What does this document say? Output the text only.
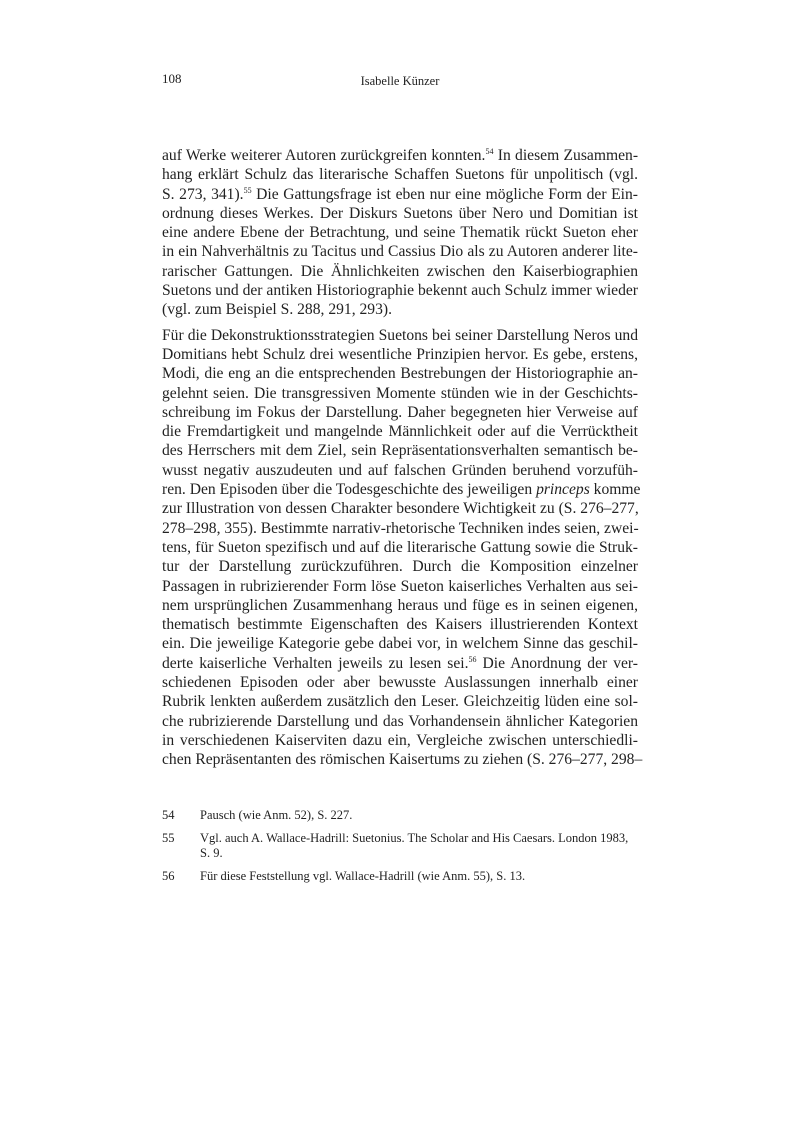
108	Isabelle Künzer

auf Werke weiterer Autoren zurückgreifen konnten.$^{54}$ In diesem Zusammen-
hang erklärt Schulz das literarische Schaffen Suetons für unpolitisch (vgl.
S. 273, 341).$^{55}$ Die Gattungsfrage ist eben nur eine mögliche Form der Ein-
ordnung dieses Werkes. Der Diskurs Suetons über Nero und Domitian ist
eine andere Ebene der Betrachtung, und seine Thematik rückt Sueton eher
in ein Nahverhältnis zu Tacitus und Cassius Dio als zu Autoren anderer lite-
rarischer Gattungen. Die Ähnlichkeiten zwischen den Kaiserbiographien
Suetons und der antiken Historiographie bekennt auch Schulz immer wieder
(vgl. zum Beispiel S. 288, 291, 293).

Für die Dekonstruktionsstrategien Suetons bei seiner Darstellung Neros und
Domitians hebt Schulz drei wesentliche Prinzipien hervor. Es gebe, erstens,
Modi, die eng an die entsprechenden Bestrebungen der Historiographie an-
gelehnt seien. Die transgressiven Momente stünden wie in der Geschichts-
schreibung im Fokus der Darstellung. Daher begegneten hier Verweise auf
die Fremdartigkeit und mangelnde Männlichkeit oder auf die Verrücktheit
des Herrschers mit dem Ziel, sein Repräsentationsverhalten semantisch be-
wusst negativ auszudeuten und auf falschen Gründen beruhend vorzufüh-
ren. Den Episoden über die Todesgeschichte des jeweiligen princeps komme
zur Illustration von dessen Charakter besondere Wichtigkeit zu (S. 276–277,
278–298, 355). Bestimmte narrativ-rhetorische Techniken indes seien, zwei-
tens, für Sueton spezifisch und auf die literarische Gattung sowie die Struk-
tur der Darstellung zurückzuführen. Durch die Komposition einzelner
Passagen in rubrizierender Form löse Sueton kaiserliches Verhalten aus sei-
nem ursprünglichen Zusammenhang heraus und füge es in seinen eigenen,
thematisch bestimmte Eigenschaften des Kaisers illustrierenden Kontext
ein. Die jeweilige Kategorie gebe dabei vor, in welchem Sinne das geschil-
derte kaiserliche Verhalten jeweils zu lesen sei.$^{56}$ Die Anordnung der ver-
schiedenen Episoden oder aber bewusste Auslassungen innerhalb einer
Rubrik lenkten außerdem zusätzlich den Leser. Gleichzeitig lüden eine sol-
che rubrizierende Darstellung und das Vorhandensein ähnlicher Kategorien
in verschiedenen Kaiserviten dazu ein, Vergleiche zwischen unterschiedli-
chen Repräsentanten des römischen Kaisertums zu ziehen (S. 276–277, 298–

54	Pausch (wie Anm. 52), S. 227.
55	Vgl. auch A. Wallace-Hadrill: Suetonius. The Scholar and His Caesars. London 1983, S. 9.
56	Für diese Feststellung vgl. Wallace-Hadrill (wie Anm. 55), S. 13.
